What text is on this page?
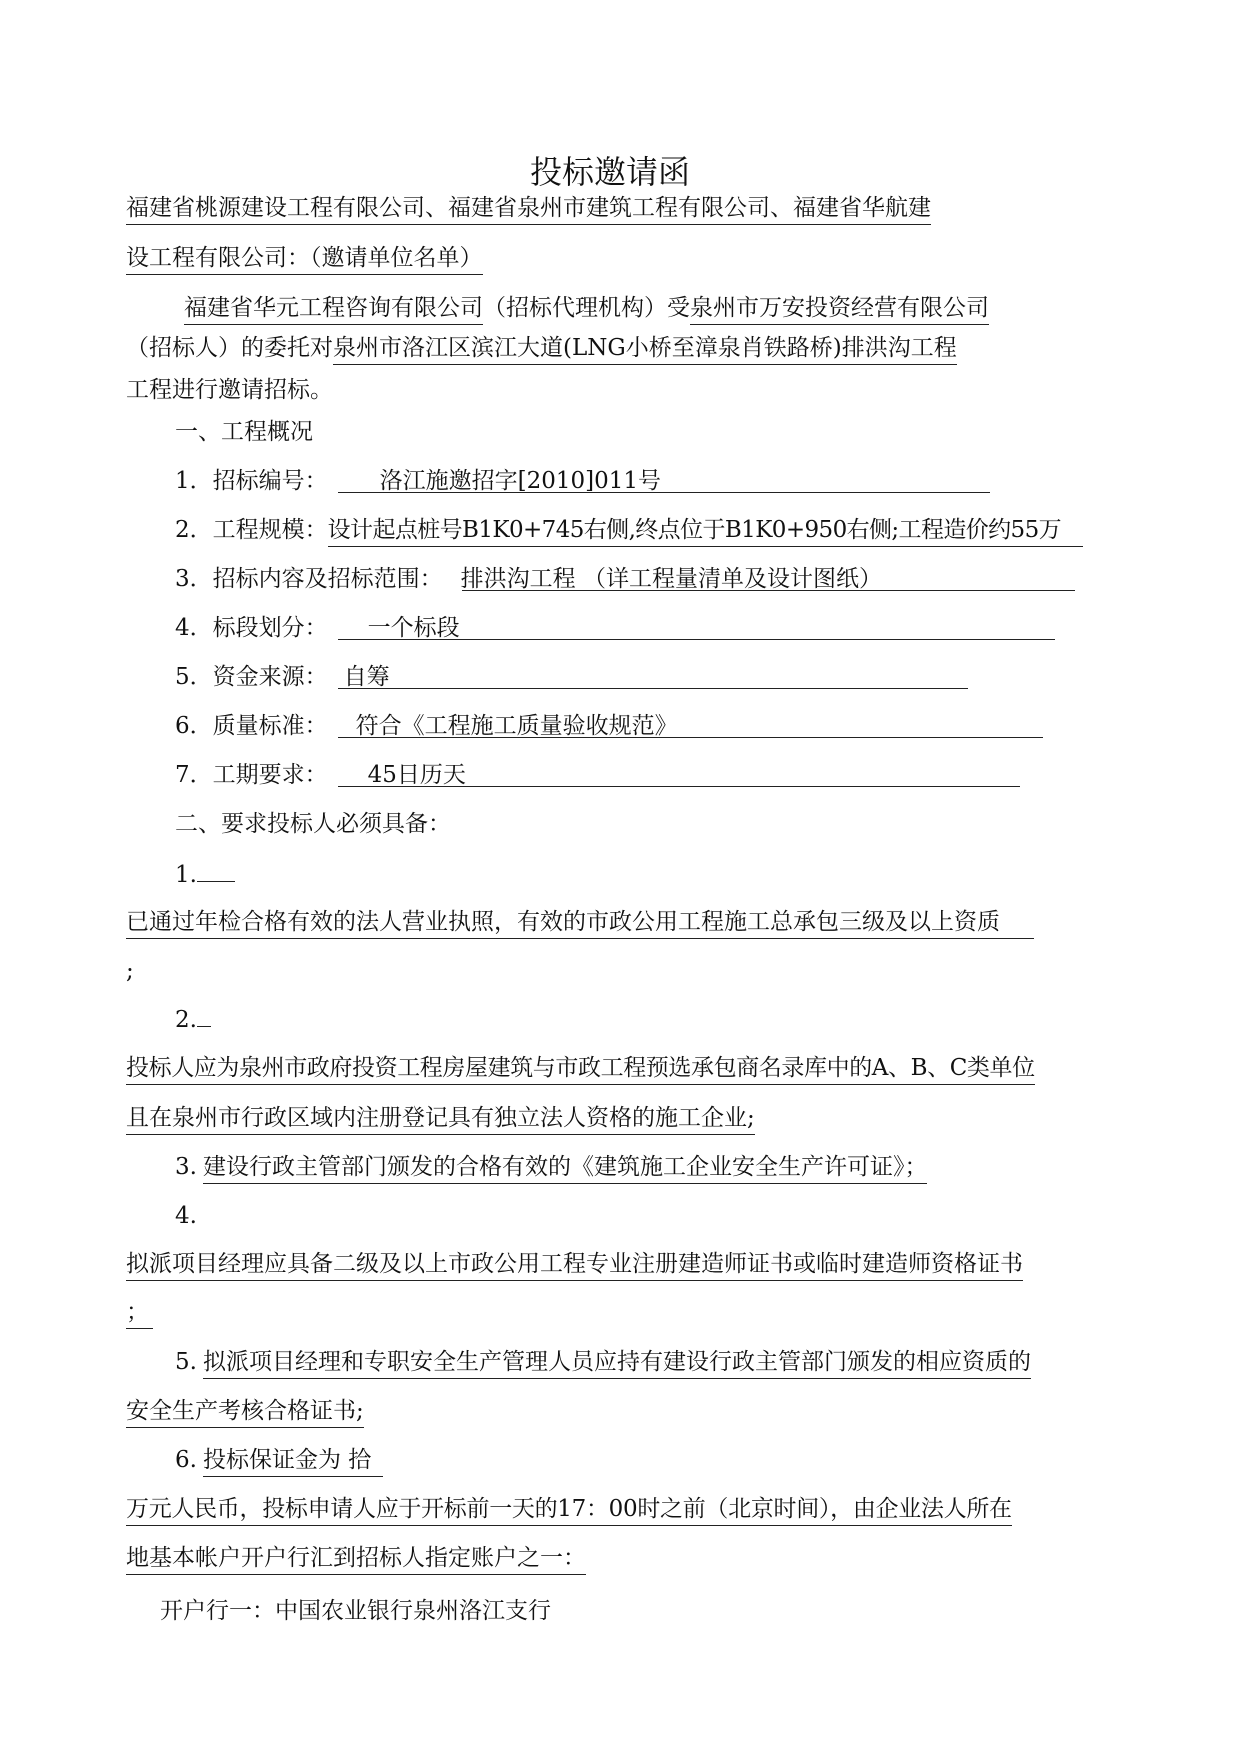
投标邀请函
福建省桃源建设工程有限公司、福建省泉州市建筑工程有限公司、福建省华航建
设工程有限公司：（邀请单位名单）
福建省华元工程咨询有限公司（招标代理机构）受泉州市万安投资经营有限公司
（招标人）的委托对泉州市洛江区滨江大道(LNG小桥至漳泉肖铁路桥)排洪沟工程
工程进行邀请招标。
一、工程概况
1．招标编号： 洛江施邀招字[2010]011号
2．工程规模：设计起点桩号B1K0+745右侧,终点位于B1K0+950右侧;工程造价约55万
3．招标内容及招标范围： 排洪沟工程 （详工程量清单及设计图纸）
4．标段划分： 一个标段
5．资金来源： 自筹
6．质量标准： 符合《工程施工质量验收规范》
7．工期要求： 45日历天
二、要求投标人必须具备：
1.
已通过年检合格有效的法人营业执照，有效的市政公用工程施工总承包三级及以上资质
;
2.
投标人应为泉州市政府投资工程房屋建筑与市政工程预选承包商名录库中的A、B、C类单位
且在泉州市行政区域内注册登记具有独立法人资格的施工企业;
3. 建设行政主管部门颁发的合格有效的《建筑施工企业安全生产许可证》；
4.
拟派项目经理应具备二级及以上市政公用工程专业注册建造师证书或临时建造师资格证书
；
5. 拟派项目经理和专职安全生产管理人员应持有建设行政主管部门颁发的相应资质的
安全生产考核合格证书;
6. 投标保证金为 拾
万元人民币，投标申请人应于开标前一天的17：00时之前（北京时间），由企业法人所在
地基本帐户开户行汇到招标人指定账户之一：
开户行一：中国农业银行泉州洛江支行
